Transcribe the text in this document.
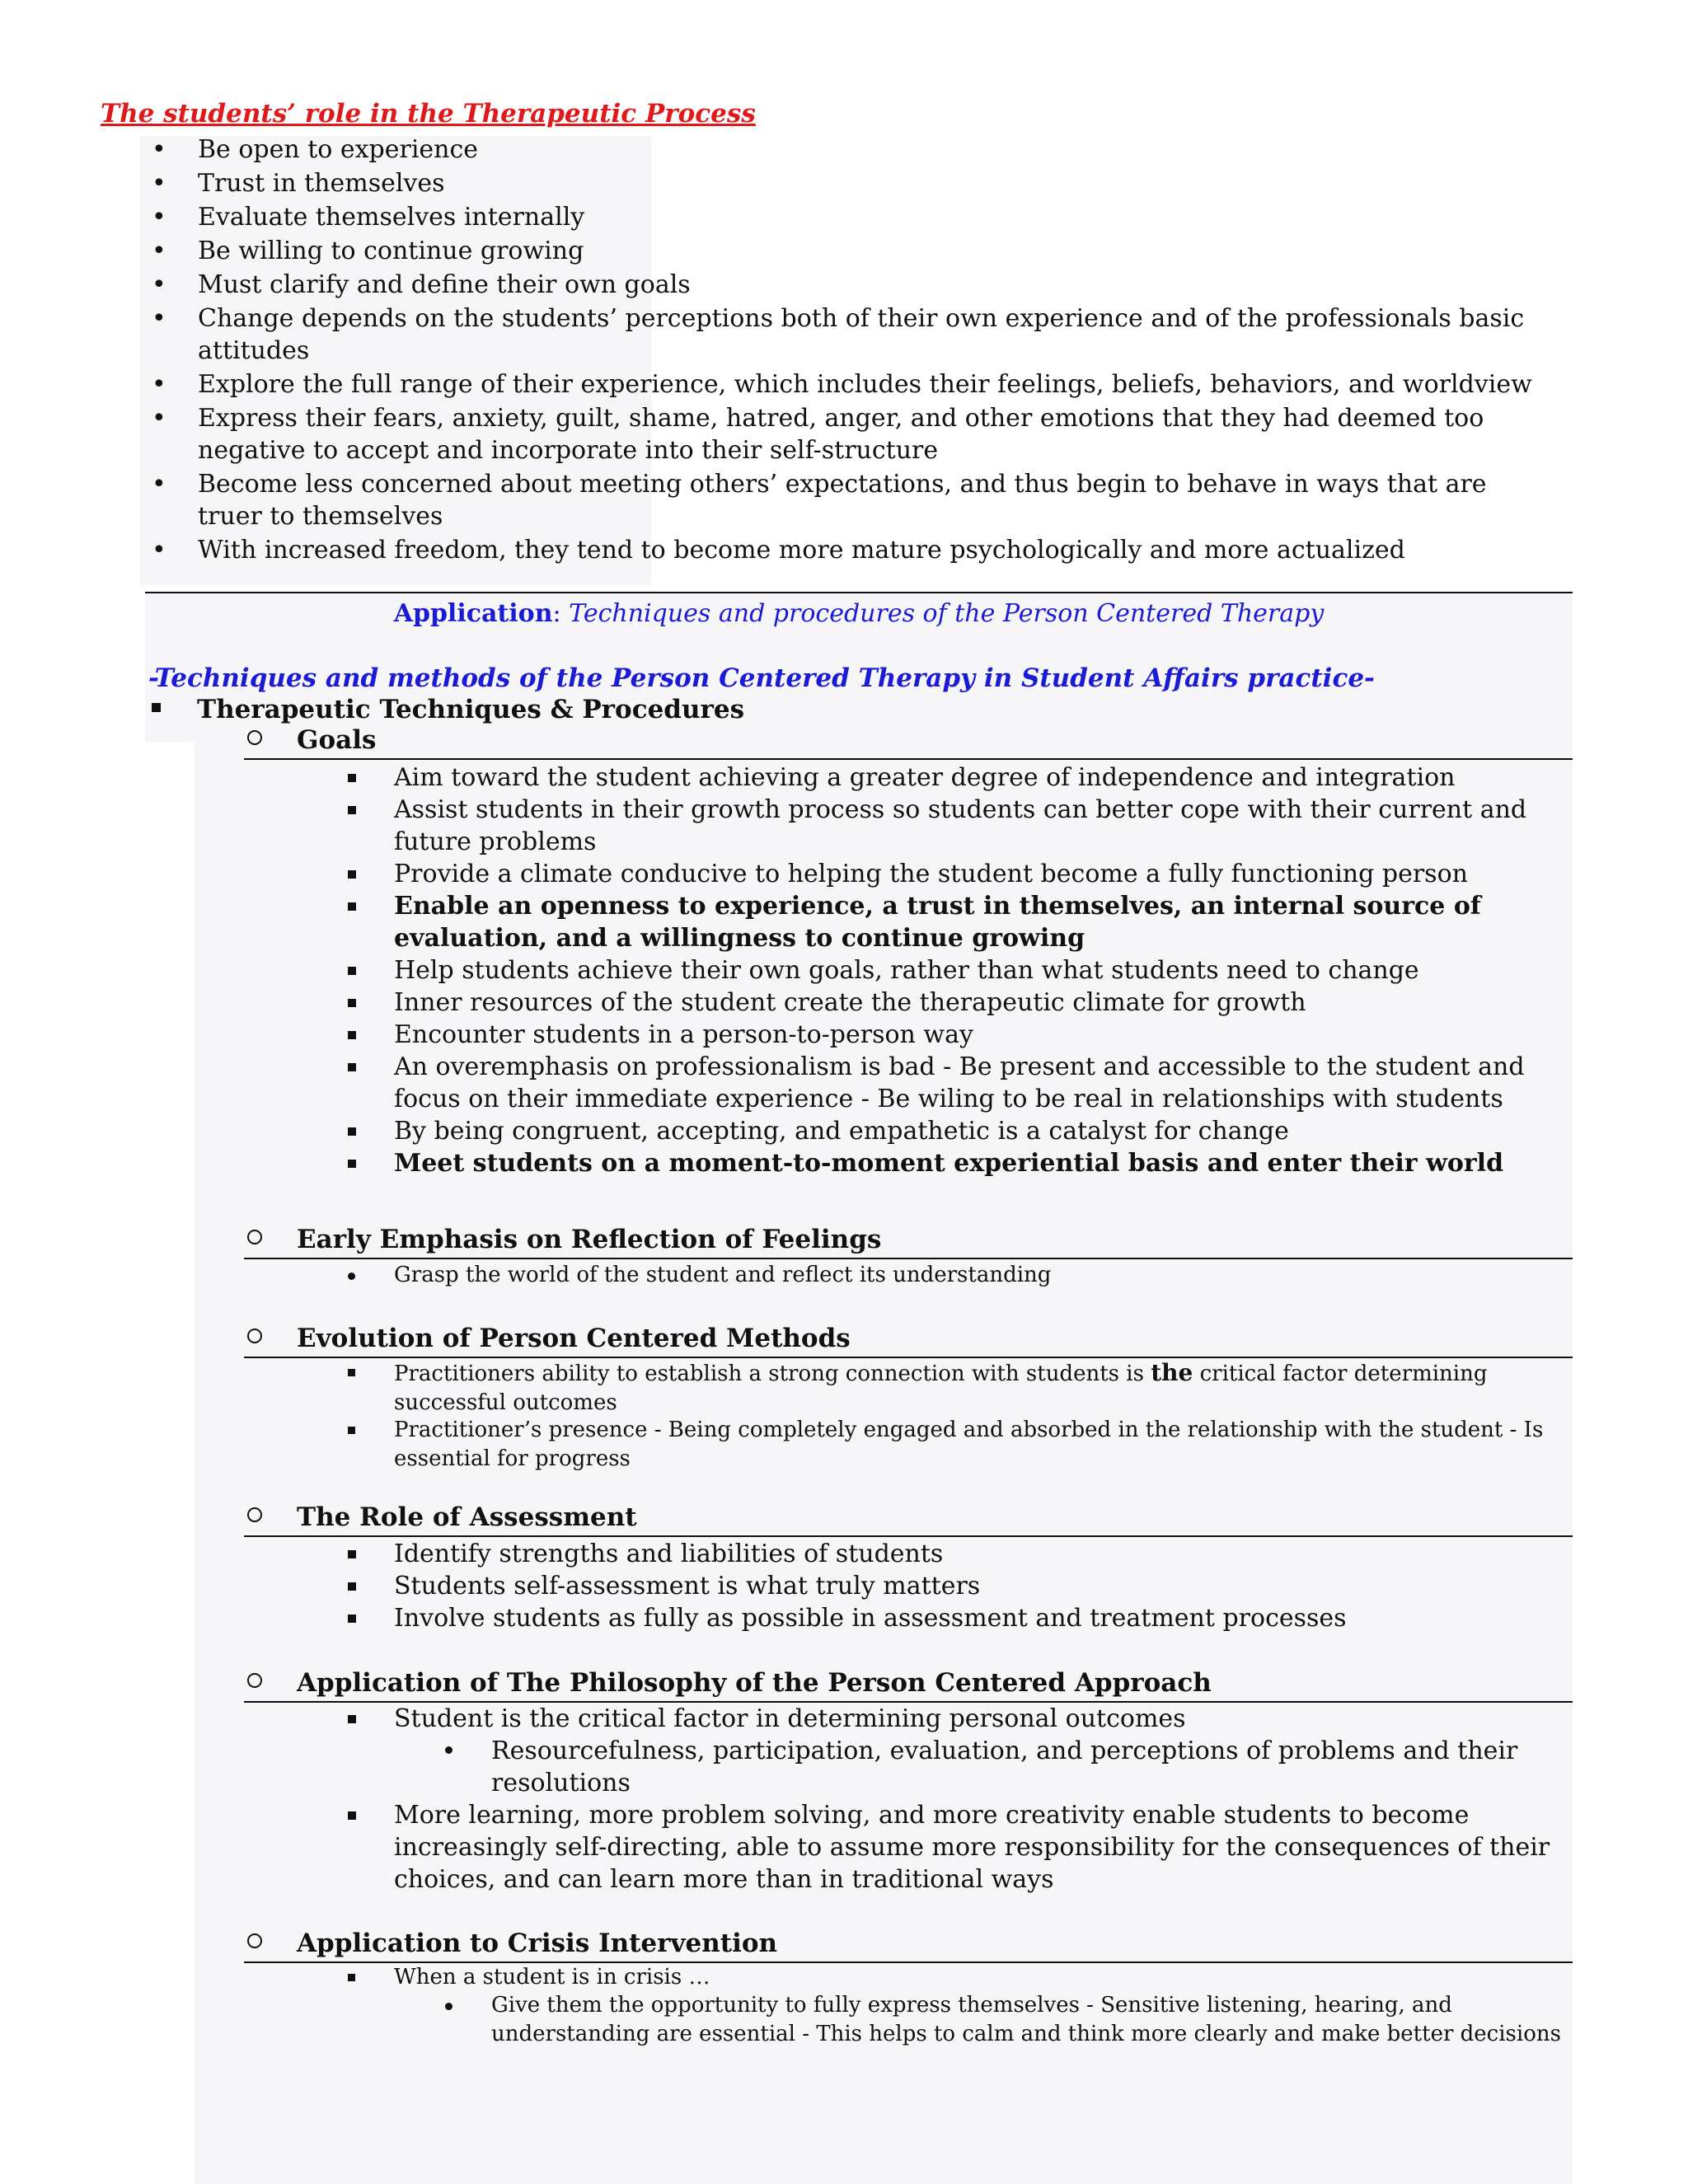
The students’ role in the Therapeutic Process
• Be open to experience
• Trust in themselves
• Evaluate themselves internally
• Be willing to continue growing
• Must clarify and define their own goals
• Change depends on the students’ perceptions both of their own experience and of the professionals basic attitudes
• Explore the full range of their experience, which includes their feelings, beliefs, behaviors, and worldview
• Express their fears, anxiety, guilt, shame, hatred, anger, and other emotions that they had deemed too negative to accept and incorporate into their self-structure
• Become less concerned about meeting others’ expectations, and thus begin to behave in ways that are truer to themselves
• With increased freedom, they tend to become more mature psychologically and more actualized
Application: Techniques and procedures of the Person Centered Therapy
-Techniques and methods of the Person Centered Therapy in Student Affairs practice-
Therapeutic Techniques & Procedures
Goals
Aim toward the student achieving a greater degree of independence and integration
Assist students in their growth process so students can better cope with their current and future problems
Provide a climate conducive to helping the student become a fully functioning person
Enable an openness to experience, a trust in themselves, an internal source of evaluation, and a willingness to continue growing
Help students achieve their own goals, rather than what students need to change
Inner resources of the student create the therapeutic climate for growth
Encounter students in a person-to-person way
An overemphasis on professionalism is bad - Be present and accessible to the student and focus on their immediate experience - Be wiling to be real in relationships with students
By being congruent, accepting, and empathetic is a catalyst for change
Meet students on a moment-to-moment experiential basis and enter their world
Early Emphasis on Reflection of Feelings
Grasp the world of the student and reflect its understanding
Evolution of Person Centered Methods
Practitioners ability to establish a strong connection with students is the critical factor determining successful outcomes
Practitioner’s presence - Being completely engaged and absorbed in the relationship with the student - Is essential for progress
The Role of Assessment
Identify strengths and liabilities of students
Students self-assessment is what truly matters
Involve students as fully as possible in assessment and treatment processes
Application of The Philosophy of the Person Centered Approach
Student is the critical factor in determining personal outcomes
Resourcefulness, participation, evaluation, and perceptions of problems and their resolutions
More learning, more problem solving, and more creativity enable students to become increasingly self-directing, able to assume more responsibility for the consequences of their choices, and can learn more than in traditional ways
Application to Crisis Intervention
When a student is in crisis …
Give them the opportunity to fully express themselves - Sensitive listening, hearing, and understanding are essential - This helps to calm and think more clearly and make better decisions
